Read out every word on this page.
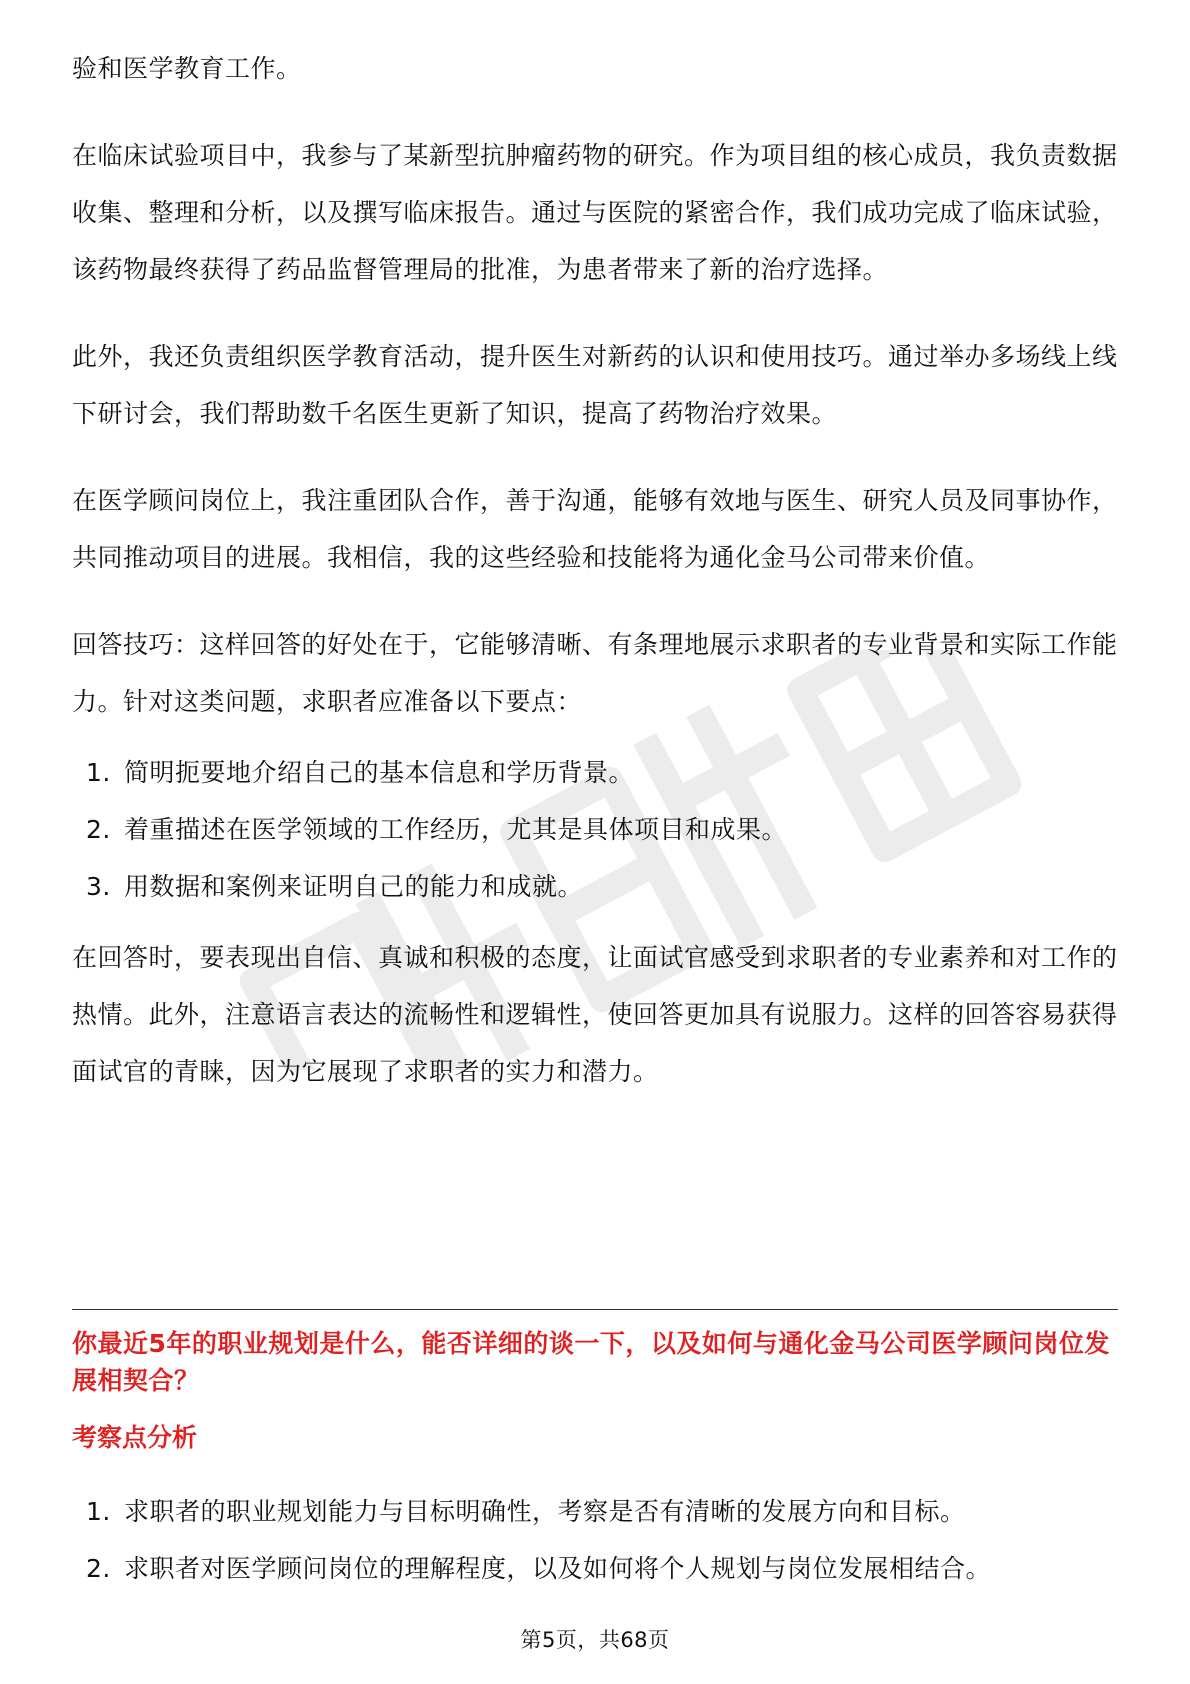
验和医学教育工作。

在临床试验项目中，我参与了某新型抗肿瘤药物的研究。作为项目组的核心成员，我负责数据收集、整理和分析，以及撰写临床报告。通过与医院的紧密合作，我们成功完成了临床试验，该药物最终获得了药品监督管理局的批准，为患者带来了新的治疗选择。

此外，我还负责组织医学教育活动，提升医生对新药的认识和使用技巧。通过举办多场线上线下研讨会，我们帮助数千名医生更新了知识，提高了药物治疗效果。

在医学顾问岗位上，我注重团队合作，善于沟通，能够有效地与医生、研究人员及同事协作，共同推动项目的进展。我相信，我的这些经验和技能将为通化金马公司带来价值。

回答技巧：这样回答的好处在于，它能够清晰、有条理地展示求职者的专业背景和实际工作能力。针对这类问题，求职者应准备以下要点：

1. 简明扼要地介绍自己的基本信息和学历背景。
2. 着重描述在医学领域的工作经历，尤其是具体项目和成果。
3. 用数据和案例来证明自己的能力和成就。

在回答时，要表现出自信、真诚和积极的态度，让面试官感受到求职者的专业素养和对工作的热情。此外，注意语言表达的流畅性和逻辑性，使回答更加具有说服力。这样的回答容易获得面试官的青睐，因为它展现了求职者的实力和潜力。

你最近5年的职业规划是什么，能否详细的谈一下，以及如何与通化金马公司医学顾问岗位发展相契合？

考察点分析

1. 求职者的职业规划能力与目标明确性，考察是否有清晰的发展方向和目标。
2. 求职者对医学顾问岗位的理解程度，以及如何将个人规划与岗位发展相结合。
第5页，共68页
